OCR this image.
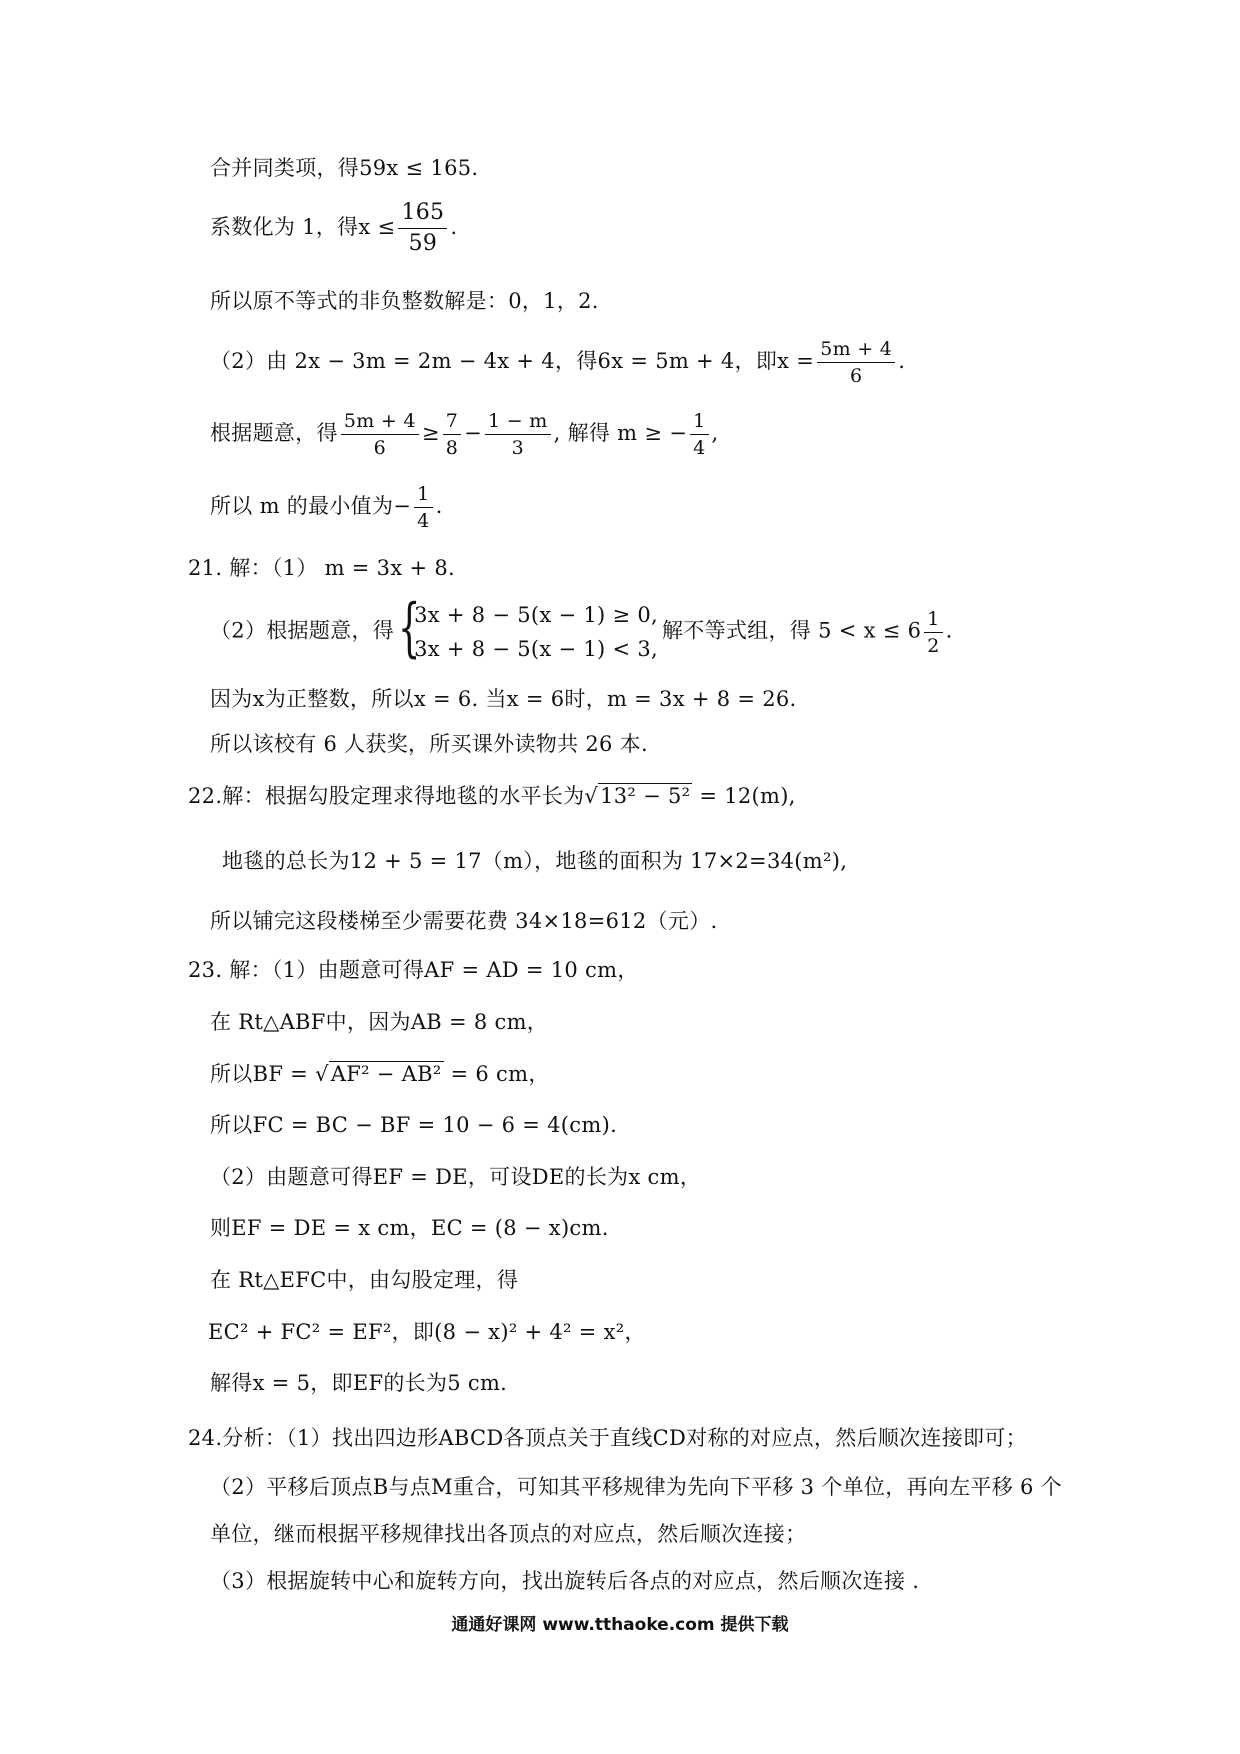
合并同类项，得59x ≤ 165.
系数化为 1，得$x \le \frac{165}{59}$ .
所以原不等式的非负整数解是：0，1，2.
（2）由 2x − 3m = 2m − 4x + 4，得6x = 5m + 4，即$x = \frac{5m + 4}{6}$ .
根据题意，得 $\frac{5m + 4}{6} \ge \frac{7}{8} - \frac{1 - m}{3}$ , 解得 m ≥ − $\frac{1}{4}$ ,
所以 m 的最小值为− $\frac{1}{4}$ .
21. 解：（1） m = 3x + 8.
（2）根据题意，得 {
3x + 8 − 5(x − 1) ≥ 0,
3x + 8 − 5(x − 1) < 3,
解不等式组，得 $5 < x \le 6 \frac{1}{2}$ .
因为x为正整数，所以x = 6. 当x = 6时，m = 3x + 8 = 26.
所以该校有 6 人获奖，所买课外读物共 26 本.
22.解：根据勾股定理求得地毯的水平长为√13² − 5² = 12(m),
地毯的总长为12 + 5 = 17（m），地毯的面积为 17×2=34(m²),
所以铺完这段楼梯至少需要花费 34×18=612（元）.
23. 解：（1）由题意可得AF = AD = 10 cm，
在 Rt△ABF中，因为AB = 8 cm，
所以BF = √AF² − AB² = 6 cm，
所以FC = BC − BF = 10 − 6 = 4(cm).
（2）由题意可得EF = DE，可设DE的长为x cm，
则EF = DE = x cm，EC = (8 − x)cm.
在 Rt△EFC中，由勾股定理，得
EC² + FC² = EF²，即(8 − x)² + 4² = x²，
解得x = 5，即EF的长为5 cm.
24.分析：（1）找出四边形ABCD各顶点关于直线CD对称的对应点，然后顺次连接即可；
（2）平移后顶点B与点M重合，可知其平移规律为先向下平移 3 个单位，再向左平移 6 个
单位，继而根据平移规律找出各顶点的对应点，然后顺次连接；
（3）根据旋转中心和旋转方向，找出旋转后各点的对应点，然后顺次连接 .
通通好课网 www.tthaoke.com 提供下载
